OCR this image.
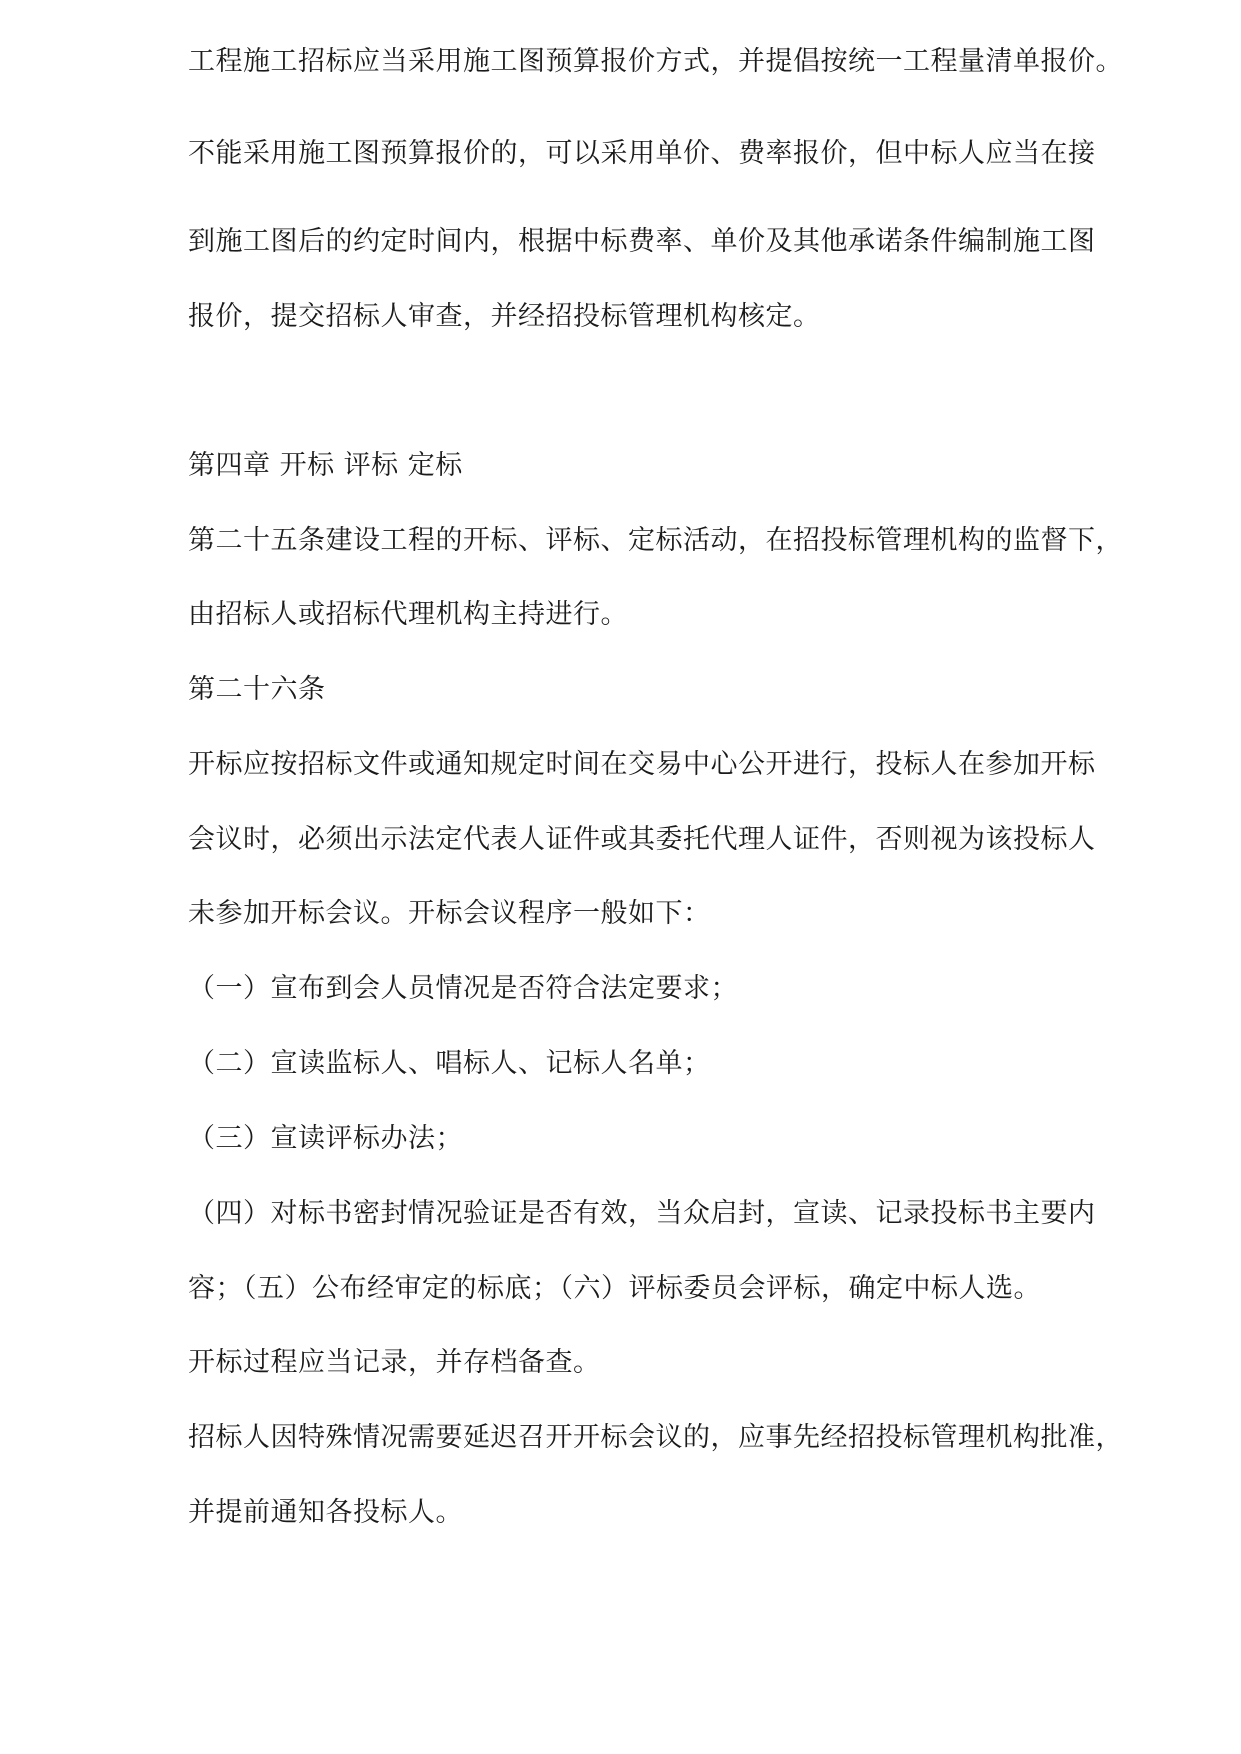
工程施工招标应当采用施工图预算报价方式，并提倡按统一工程量清单报价。

不能采用施工图预算报价的，可以采用单价、费率报价，但中标人应当在接

到施工图后的约定时间内，根据中标费率、单价及其他承诺条件编制施工图

报价，提交招标人审查，并经招投标管理机构核定。

第四章 开标 评标 定标

第二十五条建设工程的开标、评标、定标活动，在招投标管理机构的监督下，

由招标人或招标代理机构主持进行。

第二十六条

开标应按招标文件或通知规定时间在交易中心公开进行，投标人在参加开标

会议时，必须出示法定代表人证件或其委托代理人证件，否则视为该投标人

未参加开标会议。开标会议程序一般如下：

（一）宣布到会人员情况是否符合法定要求；

（二）宣读监标人、唱标人、记标人名单；

（三）宣读评标办法；

（四）对标书密封情况验证是否有效，当众启封，宣读、记录投标书主要内

容；（五）公布经审定的标底；（六）评标委员会评标，确定中标人选。

开标过程应当记录，并存档备查。

招标人因特殊情况需要延迟召开开标会议的，应事先经招投标管理机构批准，

并提前通知各投标人。
